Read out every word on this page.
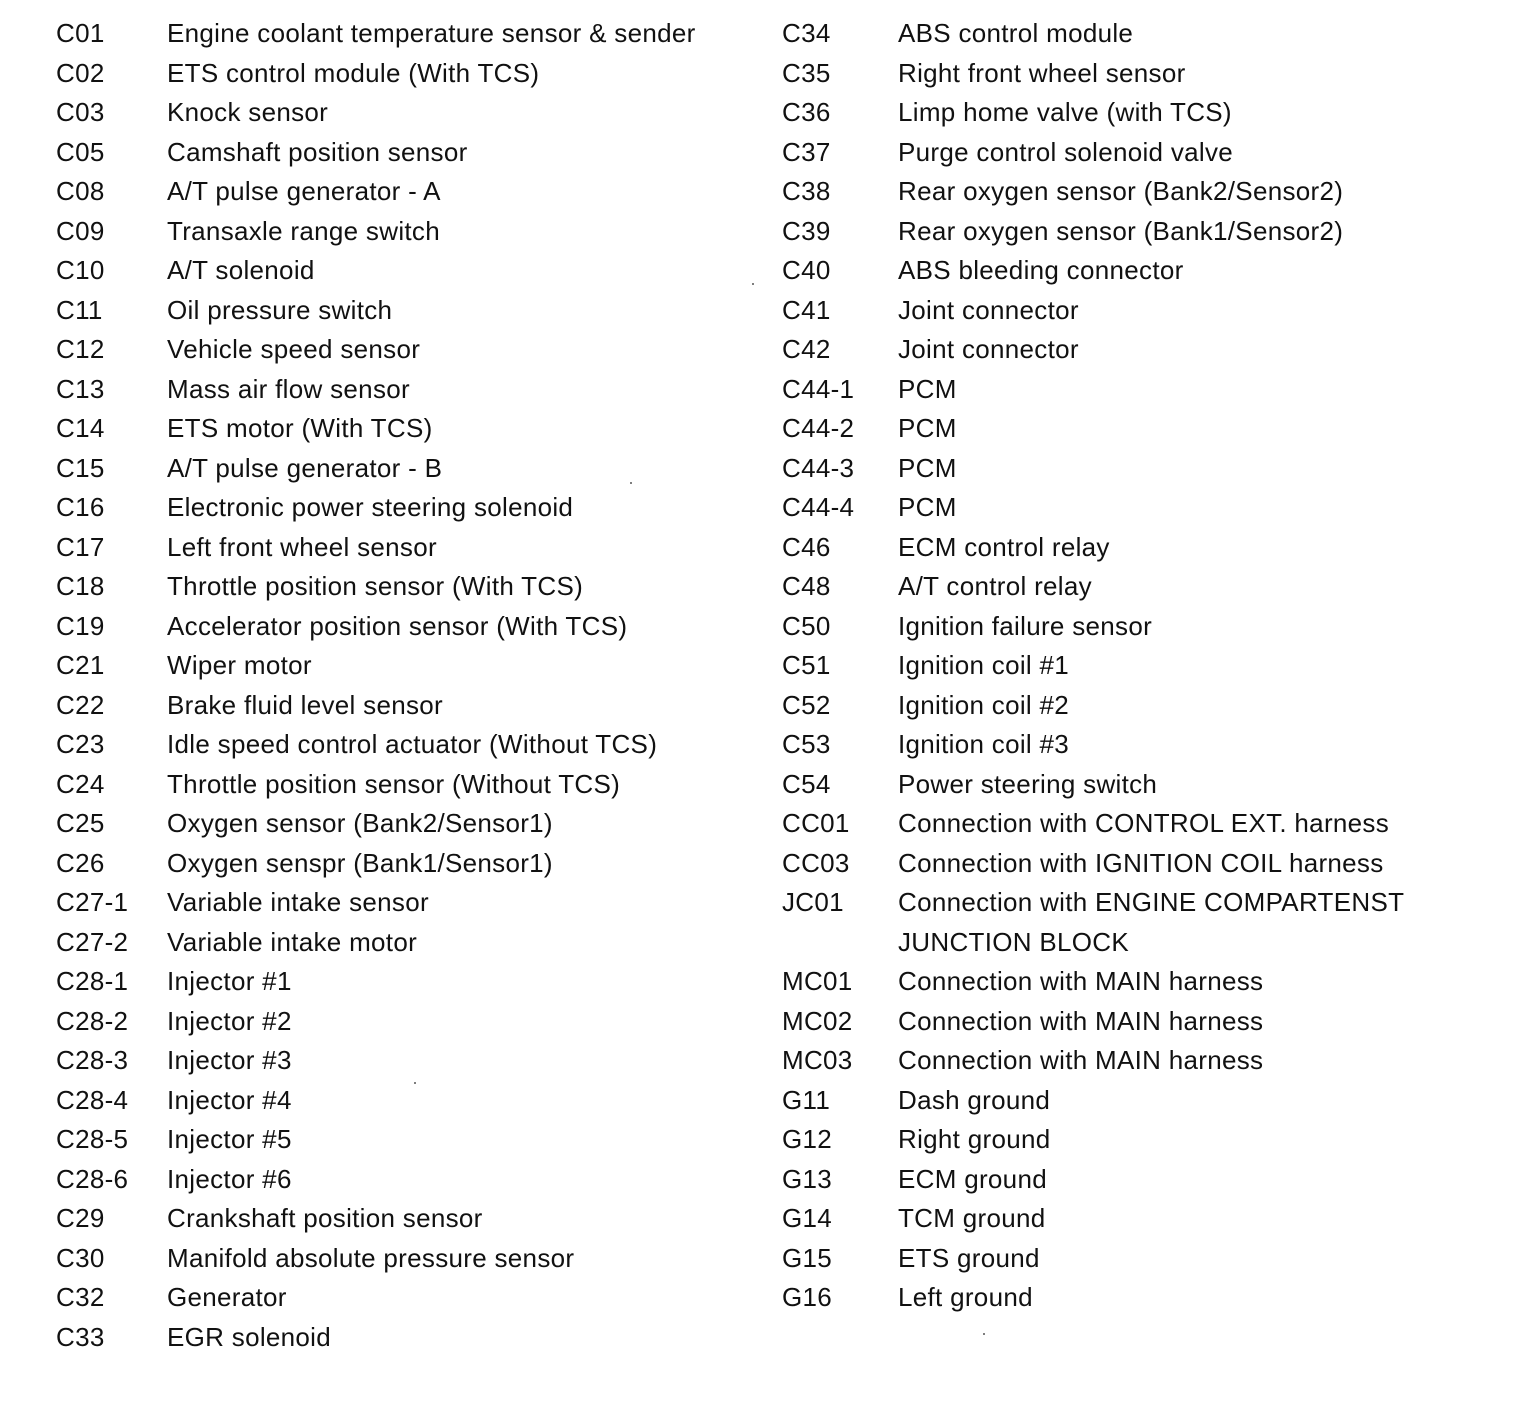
C01	Engine coolant temperature sensor & sender
C02	ETS control module (With TCS)
C03	Knock sensor
C05	Camshaft position sensor
C08	A/T pulse generator - A
C09	Transaxle range switch
C10	A/T solenoid
C11	Oil pressure switch
C12	Vehicle speed sensor
C13	Mass air flow sensor
C14	ETS motor (With TCS)
C15	A/T pulse generator - B
C16	Electronic power steering solenoid
C17	Left front wheel sensor
C18	Throttle position sensor (With TCS)
C19	Accelerator position sensor (With TCS)
C21	Wiper motor
C22	Brake fluid level sensor
C23	Idle speed control actuator (Without TCS)
C24	Throttle position sensor (Without TCS)
C25	Oxygen sensor (Bank2/Sensor1)
C26	Oxygen senspr (Bank1/Sensor1)
C27-1	Variable intake sensor
C27-2	Variable intake motor
C28-1	Injector #1
C28-2	Injector #2
C28-3	Injector #3
C28-4	Injector #4
C28-5	Injector #5
C28-6	Injector #6
C29	Crankshaft position sensor
C30	Manifold absolute pressure sensor
C32	Generator
C33	EGR solenoid
C34	ABS control module
C35	Right front wheel sensor
C36	Limp home valve (with TCS)
C37	Purge control solenoid valve
C38	Rear oxygen sensor (Bank2/Sensor2)
C39	Rear oxygen sensor (Bank1/Sensor2)
C40	ABS bleeding connector
C41	Joint connector
C42	Joint connector
C44-1	PCM
C44-2	PCM
C44-3	PCM
C44-4	PCM
C46	ECM control relay
C48	A/T control relay
C50	Ignition failure sensor
C51	Ignition coil #1
C52	Ignition coil #2
C53	Ignition coil #3
C54	Power steering switch
CC01	Connection with CONTROL EXT. harness
CC03	Connection with IGNITION COIL harness
JC01	Connection with ENGINE COMPARTENST
JUNCTION BLOCK
MC01	Connection with MAIN harness
MC02	Connection with MAIN harness
MC03	Connection with MAIN harness
G11	Dash ground
G12	Right ground
G13	ECM ground
G14	TCM ground
G15	ETS ground
G16	Left ground
